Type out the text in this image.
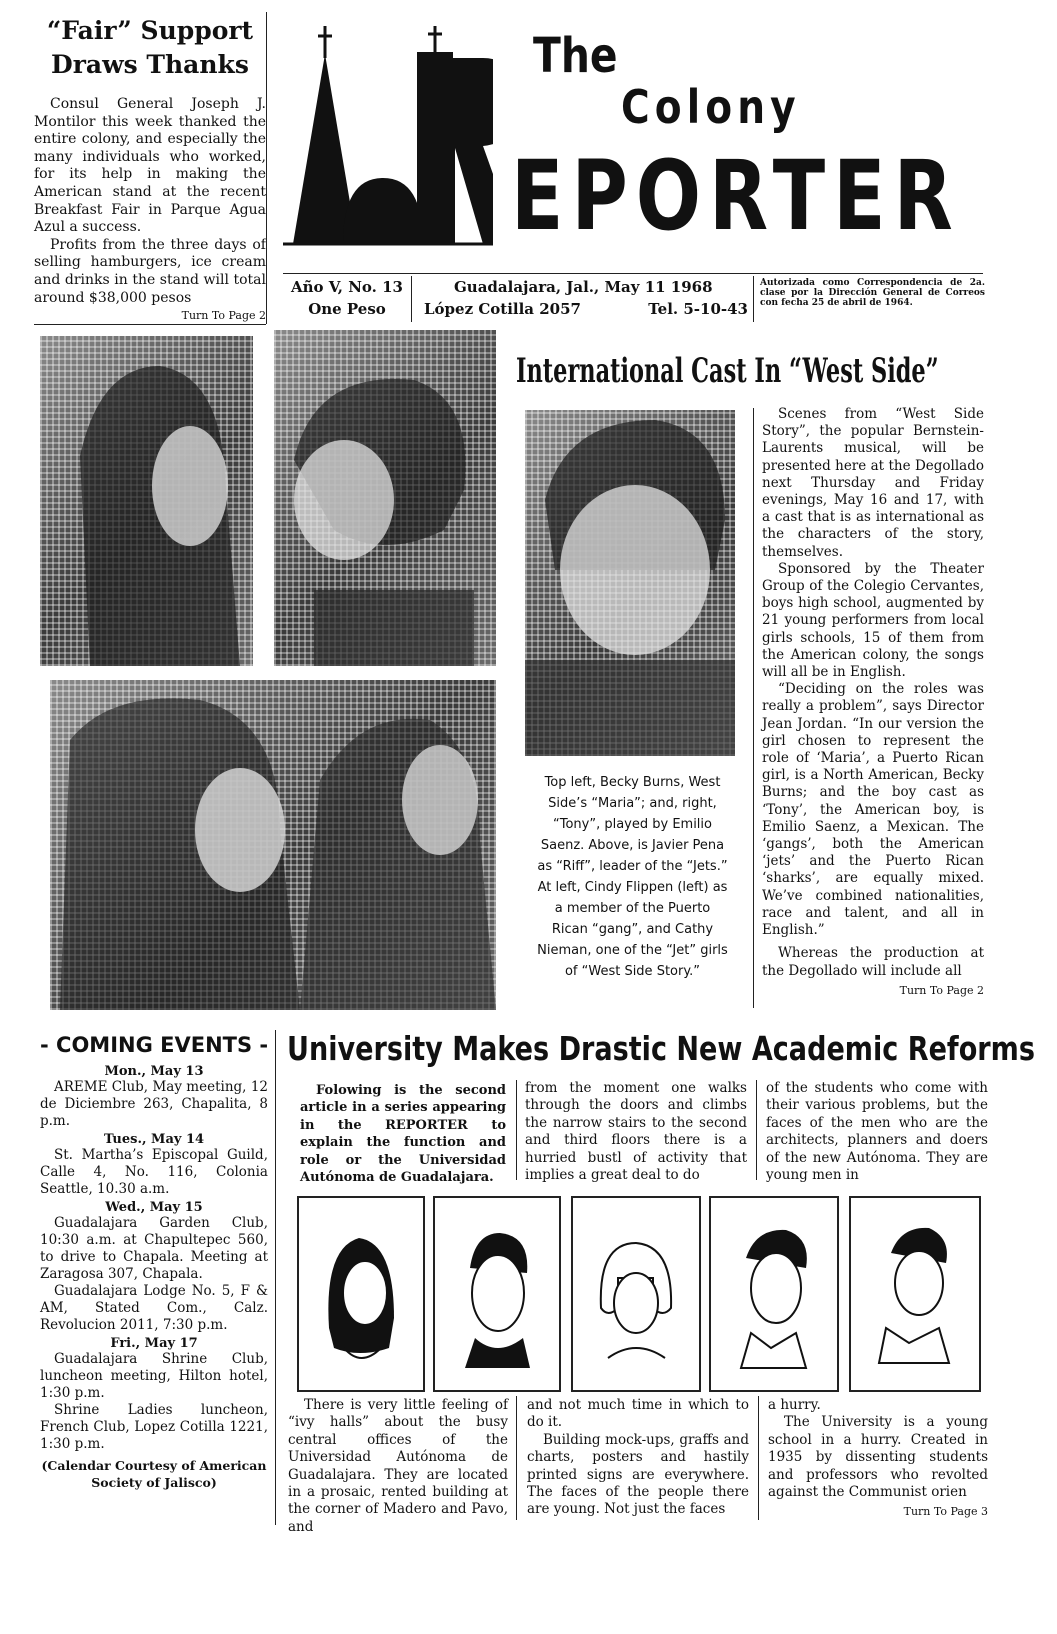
“Fair” Support
Draws Thanks

Consul General Joseph J. Montilor this week thanked the entire colony, and especially the many individuals who worked, for its help in making the American stand at the recent Breakfast Fair in Parque Agua Azul a success.

Profits from the three days of selling hamburgers, ice cream and drinks in the stand will total around $38,000 pesos

Turn To Page 2
The
Colony
EPORTER
Año V, No. 13
One Peso
Guadalajara, Jal., May 11 1968
López Cotilla 2057	Tel. 5-10-43
Autorizada como Correspondencia de 2a. clase por la Dirección General de Correos con fecha 25 de abril de 1964.
International Cast In “West Side”
Top left, Becky Burns, West Side’s “Maria”; and, right, “Tony”, played by Emilio Saenz. Above, is Javier Pena as “Riff”, leader of the “Jets.” At left, Cindy Flippen (left) as a member of the Puerto Rican “gang”, and Cathy Nieman, one of the “Jet” girls of “West Side Story.”

Scenes from “West Side Story”, the popular Bernstein-Laurents musical, will be presented here at the Degollado next Thursday and Friday evenings, May 16 and 17, with a cast that is as international as the characters of the story, themselves.

Sponsored by the Theater Group of the Colegio Cervantes, boys high school, augmented by 21 young performers from local girls schools, 15 of them from the American colony, the songs will all be in English.

“Deciding on the roles was really a problem”, says Director Jean Jordan. “In our version the girl chosen to represent the role of ‘Maria’, a Puerto Rican girl, is a North American, Becky Burns; and the boy cast as ‘Tony’, the American boy, is Emilio Saenz, a Mexican. The ‘gangs’, both the American ‘jets’ and the Puerto Rican ‘sharks’, are equally mixed. We’ve combined nationalities, race and talent, and all in English.”

Whereas the production at the Degollado will include all

Turn To Page 2
- COMING EVENTS -
Mon., May 13

AREME Club, May meeting, 12 de Diciembre 263, Chapalita, 8 p.m.

Tues., May 14

St. Martha’s Episcopal Guild, Calle 4, No. 116, Colonia Seattle, 10.30 a.m.

Wed., May 15

Guadalajara Garden Club, 10:30 a.m. at Chapultepec 560, to drive to Chapala. Meeting at Zaragosa 307, Chapala.

Guadalajara Lodge No. 5, F & AM, Stated Com., Calz. Revolucion 2011, 7:30 p.m.

Fri., May 17

Guadalajara Shrine Club, luncheon meeting, Hilton hotel, 1:30 p.m.

Shrine Ladies luncheon, French Club, Lopez Cotilla 1221, 1:30 p.m.

(Calendar Courtesy of American Society of Jalisco)
University Makes Drastic New Academic Reforms

Folowing is the second article in a series appearing in the REPORTER to explain the function and role or the Universidad Autónoma de Guadalajara.

from the moment one walks through the doors and climbs the narrow stairs to the second and third floors there is a hurried bustl of activity that implies a great deal to do

of the students who come with their various problems, but the faces of the men who are the architects, planners and doers of the new Autónoma. They are young men in

There is very little feeling of “ivy halls” about the busy central offices of the Universidad Autónoma de Guadalajara. They are located in a prosaic, rented building at the corner of Madero and Pavo, and

and not much time in which to do it.

Building mock-ups, graffs and charts, posters and hastily printed signs are everywhere. The faces of the people there are young. Not just the faces

a hurry.

The University is a young school in a hurry. Created in 1935 by dissenting students and professors who revolted against the Communist orien

Turn To Page 3
